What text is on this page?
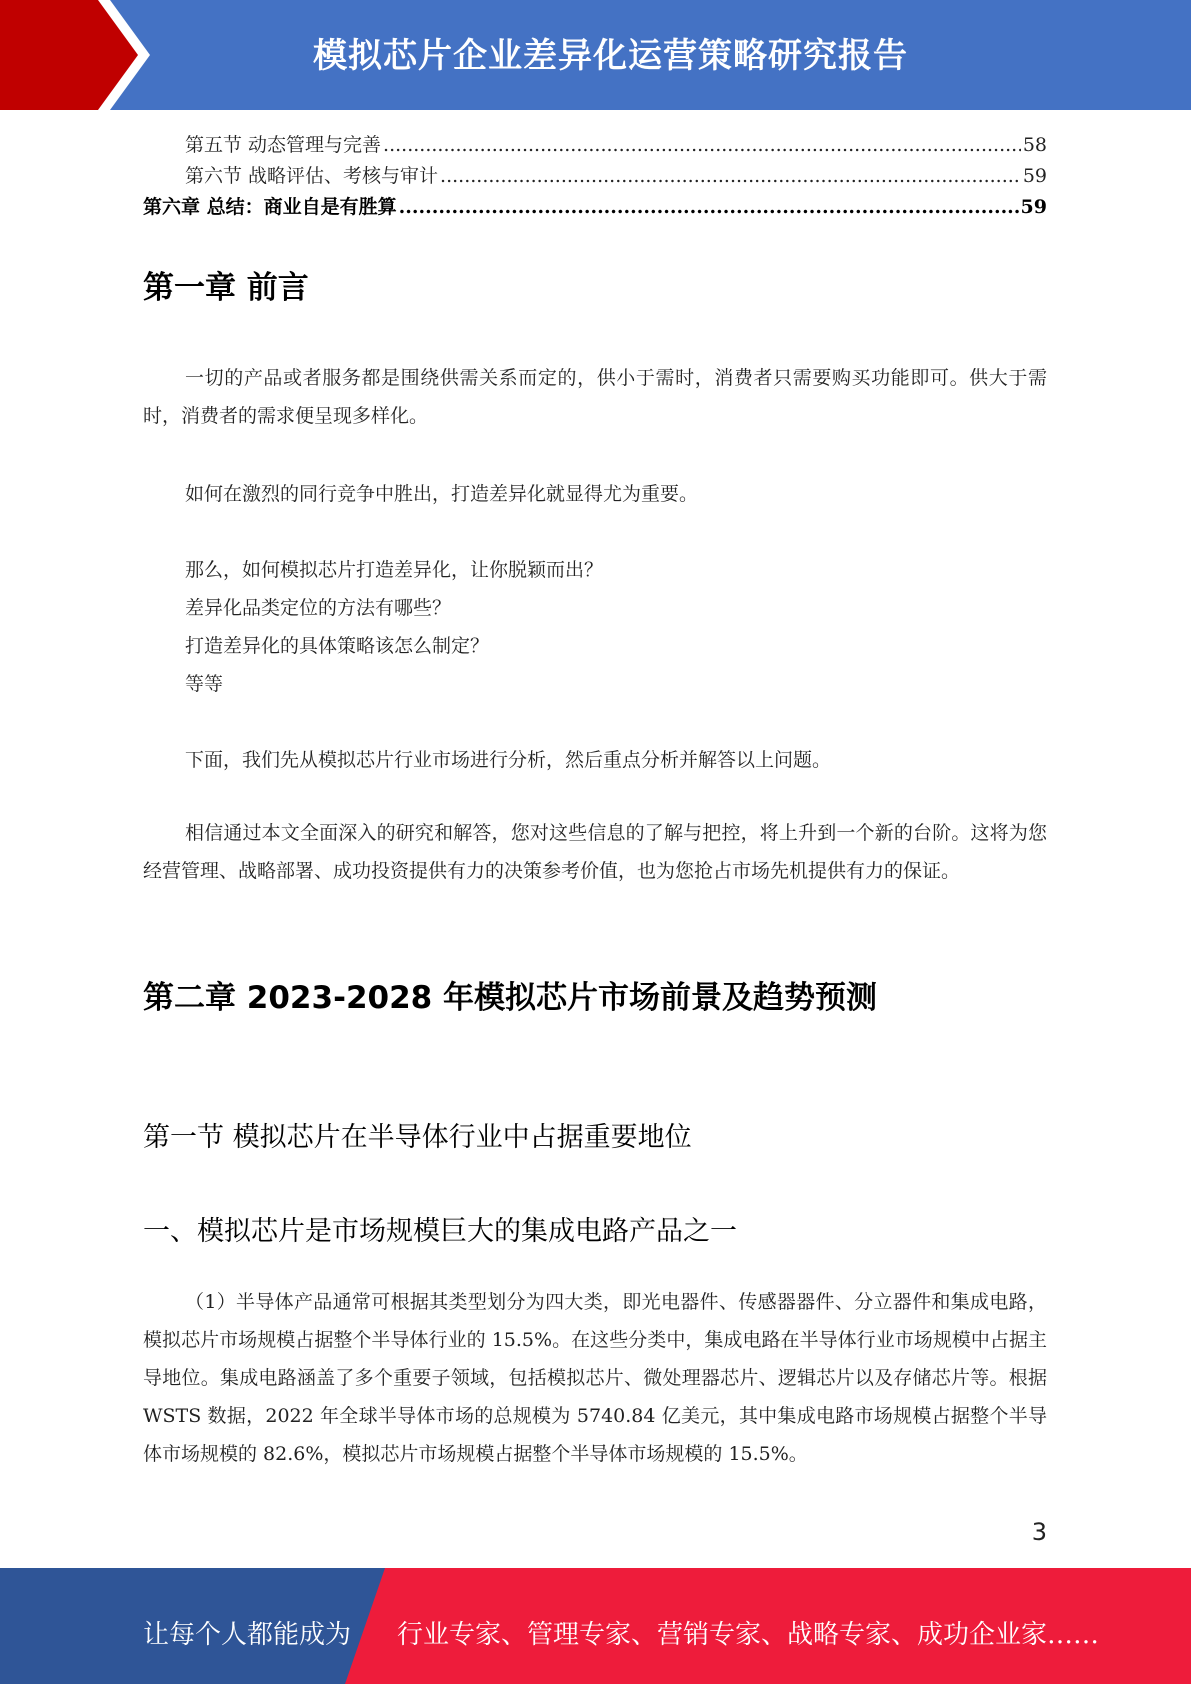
模拟芯片企业差异化运营策略研究报告
第五节 动态管理与完善 .....	58
第六节 战略评估、考核与审计 .....	59
第六章 总结：商业自是有胜算 .....	59
第一章 前言

一切的产品或者服务都是围绕供需关系而定的，供小于需时，消费者只需要购买功能即可。供大于需时，消费者的需求便呈现多样化。

如何在激烈的同行竞争中胜出，打造差异化就显得尤为重要。
那么，如何模拟芯片打造差异化，让你脱颖而出？
差异化品类定位的方法有哪些？
打造差异化的具体策略该怎么制定？
等等
下面，我们先从模拟芯片行业市场进行分析，然后重点分析并解答以上问题。

相信通过本文全面深入的研究和解答，您对这些信息的了解与把控，将上升到一个新的台阶。这将为您经营管理、战略部署、成功投资提供有力的决策参考价值，也为您抢占市场先机提供有力的保证。

第二章 2023-2028 年模拟芯片市场前景及趋势预测
第一节 模拟芯片在半导体行业中占据重要地位
一、模拟芯片是市场规模巨大的集成电路产品之一

（1）半导体产品通常可根据其类型划分为四大类，即光电器件、传感器器件、分立器件和集成电路，模拟芯片市场规模占据整个半导体行业的 15.5%。在这些分类中，集成电路在半导体行业市场规模中占据主导地位。集成电路涵盖了多个重要子领域，包括模拟芯片、微处理器芯片、逻辑芯片以及存储芯片等。根据 WSTS 数据，2022 年全球半导体市场的总规模为 5740.84 亿美元，其中集成电路市场规模占据整个半导体市场规模的 82.6%，模拟芯片市场规模占据整个半导体市场规模的 15.5%。

3
让每个人都能成为 行业专家、管理专家、营销专家、战略专家、成功企业家……
